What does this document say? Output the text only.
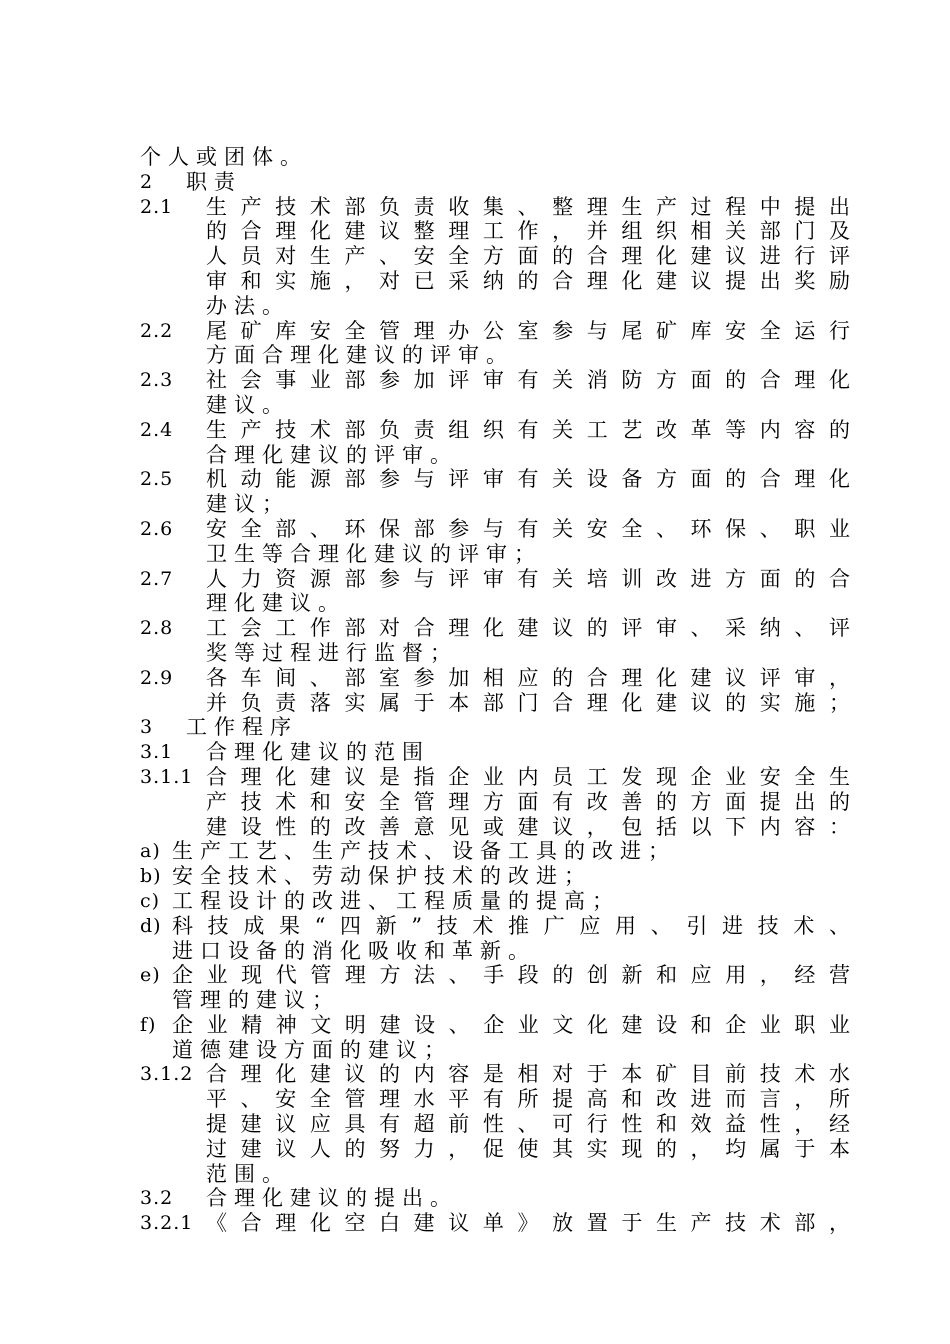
个人或团体。
2	职责
2.1	生产技术部负责收集、整理生产过程中提出
的合理化建议整理工作，并组织相关部门及
人员对生产、安全方面的合理化建议进行评
审和实施，对已采纳的合理化建议提出奖励
办法。
2.2	尾矿库安全管理办公室参与尾矿库安全运行
方面合理化建议的评审。
2.3	社会事业部参加评审有关消防方面的合理化
建议。
2.4	生产技术部负责组织有关工艺改革等内容的
合理化建议的评审。
2.5	机动能源部参与评审有关设备方面的合理化
建议；
2.6	安全部、环保部参与有关安全、环保、职业
卫生等合理化建议的评审；
2.7	人力资源部参与评审有关培训改进方面的合
理化建议。
2.8	工会工作部对合理化建议的评审、采纳、评
奖等过程进行监督；
2.9	各车间、部室参加相应的合理化建议评审，
并负责落实属于本部门合理化建议的实施；
3	工作程序
3.1	合理化建议的范围
3.1.1 合理化建议是指企业内员工发现企业安全生
产技术和安全管理方面有改善的方面提出的
建设性的改善意见或建议，包括以下内容：
a) 生产工艺、生产技术、设备工具的改进；
b) 安全技术、劳动保护技术的改进；
c) 工程设计的改进、工程质量的提高；
d) 科技成果“四新”技术推广应用、引进技术、
进口设备的消化吸收和革新。
e) 企业现代管理方法、手段的创新和应用，经营
管理的建议；
f) 企业精神文明建设、企业文化建设和企业职业
道德建设方面的建议；
3.1.2 合理化建议的内容是相对于本矿目前技术水
平、安全管理水平有所提高和改进而言，所
提建议应具有超前性、可行性和效益性，经
过建议人的努力，促使其实现的，均属于本
范围。
3.2	合理化建议的提出。
3.2.1 《合理化空白建议单》放置于生产技术部，
